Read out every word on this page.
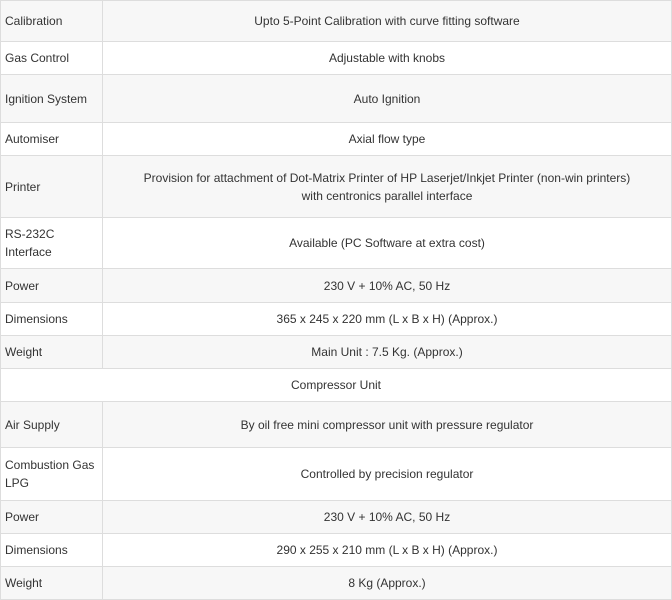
Calibration	Upto 5-Point Calibration with curve fitting software
Gas Control	Adjustable with knobs
Ignition System	Auto Ignition
Automiser	Axial flow type
Printer	Provision for attachment of Dot-Matrix Printer of HP Laserjet/Inkjet Printer (non-win printers) with centronics parallel interface
RS-232C Interface	Available (PC Software at extra cost)
Power	230 V + 10% AC, 50 Hz
Dimensions	365 x 245 x 220 mm (L x B x H) (Approx.)
Weight	Main Unit : 7.5 Kg. (Approx.)
Compressor Unit	
Air Supply	By oil free mini compressor unit with pressure regulator
Combustion Gas LPG	Controlled by precision regulator
Power	230 V + 10% AC, 50 Hz
Dimensions	290 x 255 x 210 mm (L x B x H) (Approx.)
Weight	8 Kg (Approx.)
